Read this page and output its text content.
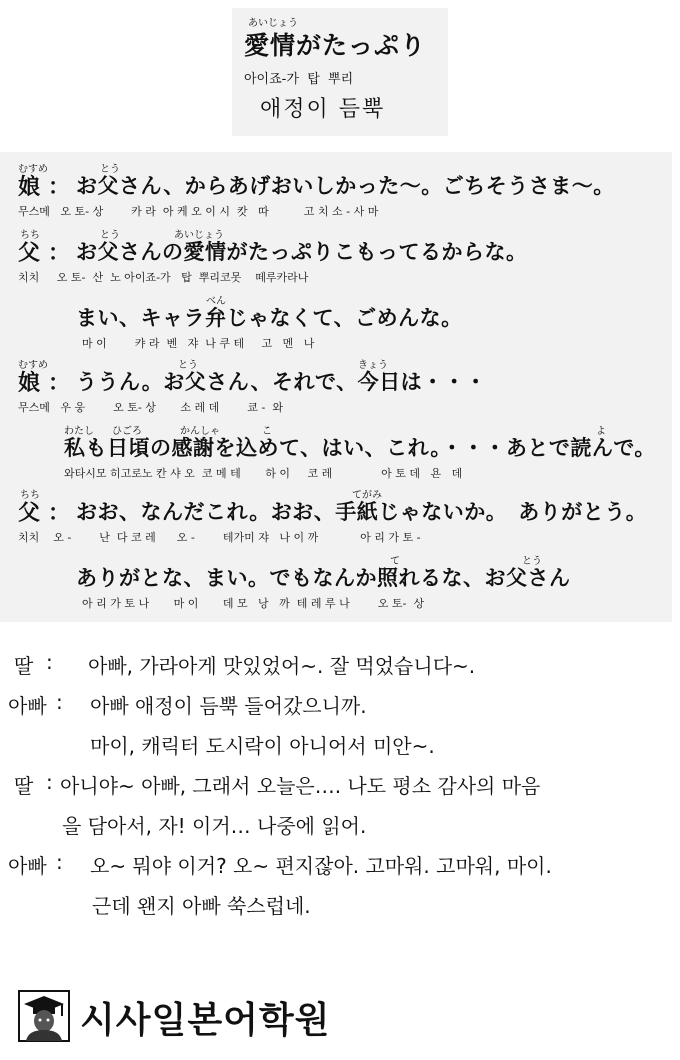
あいじょう
愛情がたっぷり
아이죠-가  탑  뿌리
애정이 듬뿍
むすめ
娘 ：
とう
お父さん、からあげおいしかった～。ごちそうさま～。
무스메   오 토- 상        카 라  아 케 오 이 시  캇   따          고 치 소 - 사 마
ちち
父 ：
とう	あいじょう
お父さんの愛情がたっぷりこもってるからな。
치치     오 토-  산  노 아이죠-가   탑  뿌리코못    떼루카라나
べん
まい、キャラ弁じゃなくて、ごめんな。
마 이        캬 라  벤   쟈  나 쿠 테     고   멘   나
むすめ
娘 ：
とう	きょう
ううん。お父さん、それで、今日は・・・
무스메   우 웅        오 토- 상       소 레 데        쿄 -  와
わたし ひごろ	かんしゃ	こ	よ
私も日頃の感謝を込めて、はい、これ。・・・あとで読んで。
와타시모 히고로노 칸 샤 오  코 메 테       하 이     코 레              아 토 데   욘   데
ちち
父 ：
てがみ
おお、なんだこれ。おお、手紙じゃないか。　ありがとう。
치치    오 -        난  다 코 레      오 -        테가미 쟈   나 이 까            아 리 가 토 -
て	とう
ありがとな、まい。でもなんか照れるな、お父さん
아 리 가 토 나       마 이       데 모   낭   까  테 레 루 나        오 토-  상
딸 : 아빠, 가라아게 맛있었어~. 잘 먹었습니다~.
아빠 : 아빠 애정이 듬뿍 들어갔으니까.
마이, 캐릭터 도시락이 아니어서 미안~.
딸 : 아니야~ 아빠, 그래서 오늘은…. 나도 평소 감사의 마음
을 담아서, 자! 이거… 나중에 읽어.
아빠 : 오~ 뭐야 이거? 오~ 편지잖아. 고마워. 고마워, 마이.
근데 왠지 아빠 쑥스럽네.
시사일본어학원
